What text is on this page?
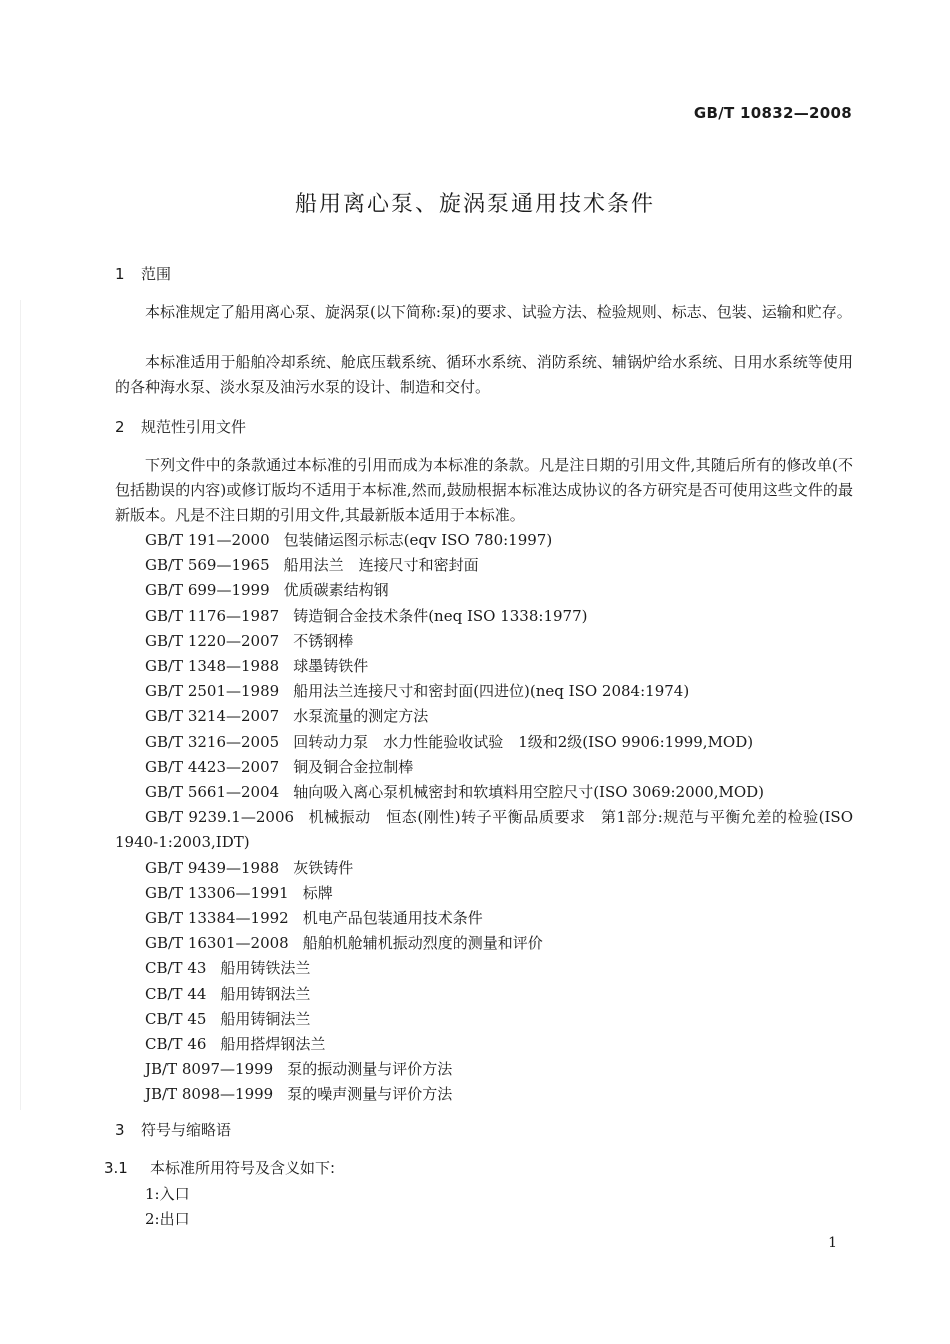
GB/T 10832—2008
船用离心泵、旋涡泵通用技术条件
1 范围
本标准规定了船用离心泵、旋涡泵(以下简称:泵)的要求、试验方法、检验规则、标志、包装、运输和贮存。
本标准适用于船舶冷却系统、舱底压载系统、循环水系统、消防系统、辅锅炉给水系统、日用水系统等使用的各种海水泵、淡水泵及油污水泵的设计、制造和交付。
2 规范性引用文件
下列文件中的条款通过本标准的引用而成为本标准的条款。凡是注日期的引用文件,其随后所有的修改单(不包括勘误的内容)或修订版均不适用于本标准,然而,鼓励根据本标准达成协议的各方研究是否可使用这些文件的最新版本。凡是不注日期的引用文件,其最新版本适用于本标准。
GB/T 191—2000 包装储运图示标志(eqv ISO 780:1997)
GB/T 569—1965 船用法兰　连接尺寸和密封面
GB/T 699—1999 优质碳素结构钢
GB/T 1176—1987 铸造铜合金技术条件(neq ISO 1338:1977)
GB/T 1220—2007 不锈钢棒
GB/T 1348—1988 球墨铸铁件
GB/T 2501—1989 船用法兰连接尺寸和密封面(四进位)(neq ISO 2084:1974)
GB/T 3214—2007 水泵流量的测定方法
GB/T 3216—2005 回转动力泵　水力性能验收试验　1级和2级(ISO 9906:1999,MOD)
GB/T 4423—2007 铜及铜合金拉制棒
GB/T 5661—2004 轴向吸入离心泵机械密封和软填料用空腔尺寸(ISO 3069:2000,MOD)
GB/T 9239.1—2006 机械振动　恒态(刚性)转子平衡品质要求　第1部分:规范与平衡允差的检验(ISO 1940-1:2003,IDT)
GB/T 9439—1988 灰铁铸件
GB/T 13306—1991 标牌
GB/T 13384—1992 机电产品包装通用技术条件
GB/T 16301—2008 船舶机舱辅机振动烈度的测量和评价
CB/T 43 船用铸铁法兰
CB/T 44 船用铸钢法兰
CB/T 45 船用铸铜法兰
CB/T 46 船用搭焊钢法兰
JB/T 8097—1999 泵的振动测量与评价方法
JB/T 8098—1999 泵的噪声测量与评价方法
3 符号与缩略语
3.1 本标准所用符号及含义如下:
1:入口
2:出口
1
